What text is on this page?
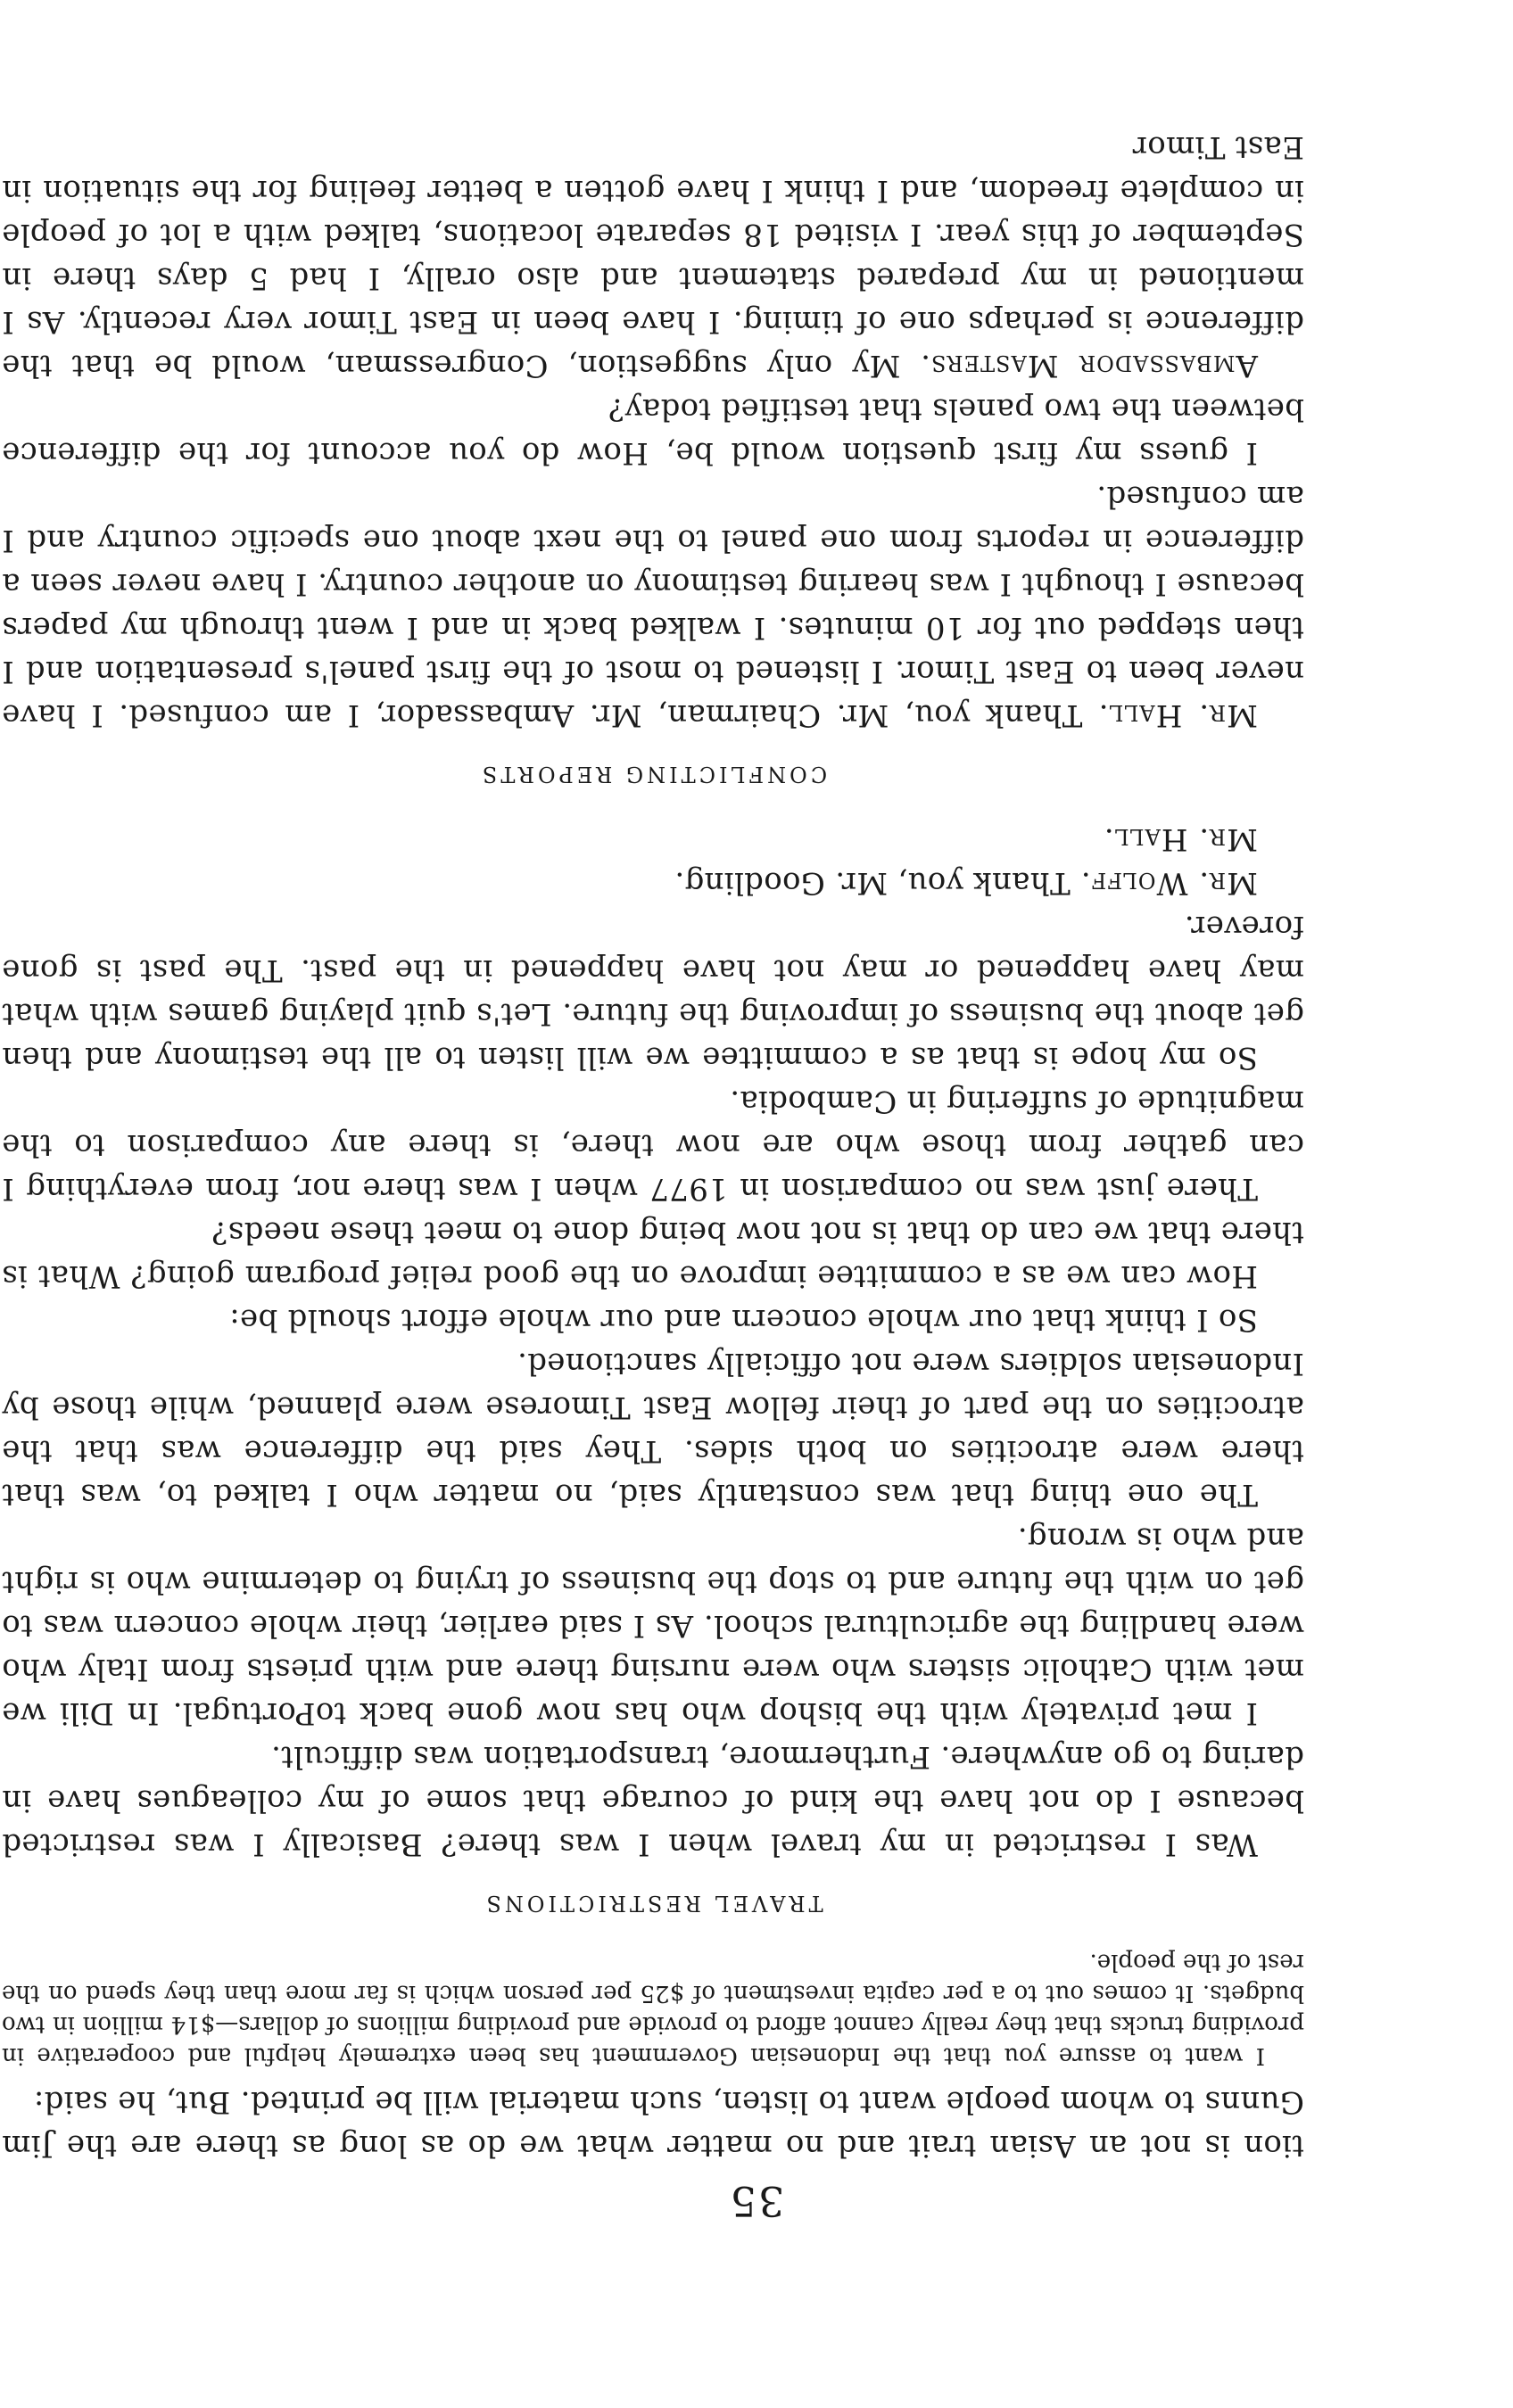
35

tion is not an Asian trait and no matter what we do as long as there are the Jim Gunns to whom people want to listen, such material will be printed. But, he said:

I want to assure you that the Indonesian Government has been extremely helpful and cooperative in providing trucks that they really cannot afford to provide and providing millions of dollars—$14 million in two budgets. It comes out to a per capita investment of $25 per person which is far more than they spend on the rest of the people.

TRAVEL RESTRICTIONS

Was I restricted in my travel when I was there? Basically I was restricted because I do not have the kind of courage that some of my colleagues have in daring to go anywhere. Furthermore, transportation was difficult.

I met privately with the bishop who has now gone back toPortugal. In Dili we met with Catholic sisters who were nursing there and with priests from Italy who were handling the agricultural school. As I said earlier, their whole concern was to get on with the future and to stop the business of trying to determine who is right and who is wrong.

The one thing that was constantly said, no matter who I talked to, was that there were atrocities on both sides. They said the difference was that the atrocities on the part of their fellow East Timorese were planned, while those by Indonesian soldiers were not officially sanctioned.

So I think that our whole concern and our whole effort should be:

How can we as a committee improve on the good relief program going? What is there that we can do that is not now being done to meet these needs?

There just was no comparison in 1977 when I was there nor, from everything I can gather from those who are now there, is there any comparison to the magnitude of suffering in Cambodia.

So my hope is that as a committee we will listen to all the testimony and then get about the business of improving the future. Let's quit playing games with what may have happened or may not have happened in the past. The past is gone forever.

Mr. Wolff. Thank you, Mr. Goodling.

Mr. Hall.

CONFLICTING REPORTS

Mr. Hall. Thank you, Mr. Chairman, Mr. Ambassador, I am confused. I have never been to East Timor. I listened to most of the first panel's presentation and I then stepped out for 10 minutes. I walked back in and I went through my papers because I thought I was hearing testimony on another country. I have never seen a difference in reports from one panel to the next about one specific country and I am confused.

I guess my first question would be, How do you account for the difference between the two panels that testified today?

Ambassador Masters. My only suggestion, Congressman, would be that the difference is perhaps one of timing. I have been in East Timor very recently. As I mentioned in my prepared statement and also orally, I had 5 days there in September of this year. I visited 18 separate locations, talked with a lot of people in complete freedom, and I think I have gotten a better feeling for the situation in East Timor
